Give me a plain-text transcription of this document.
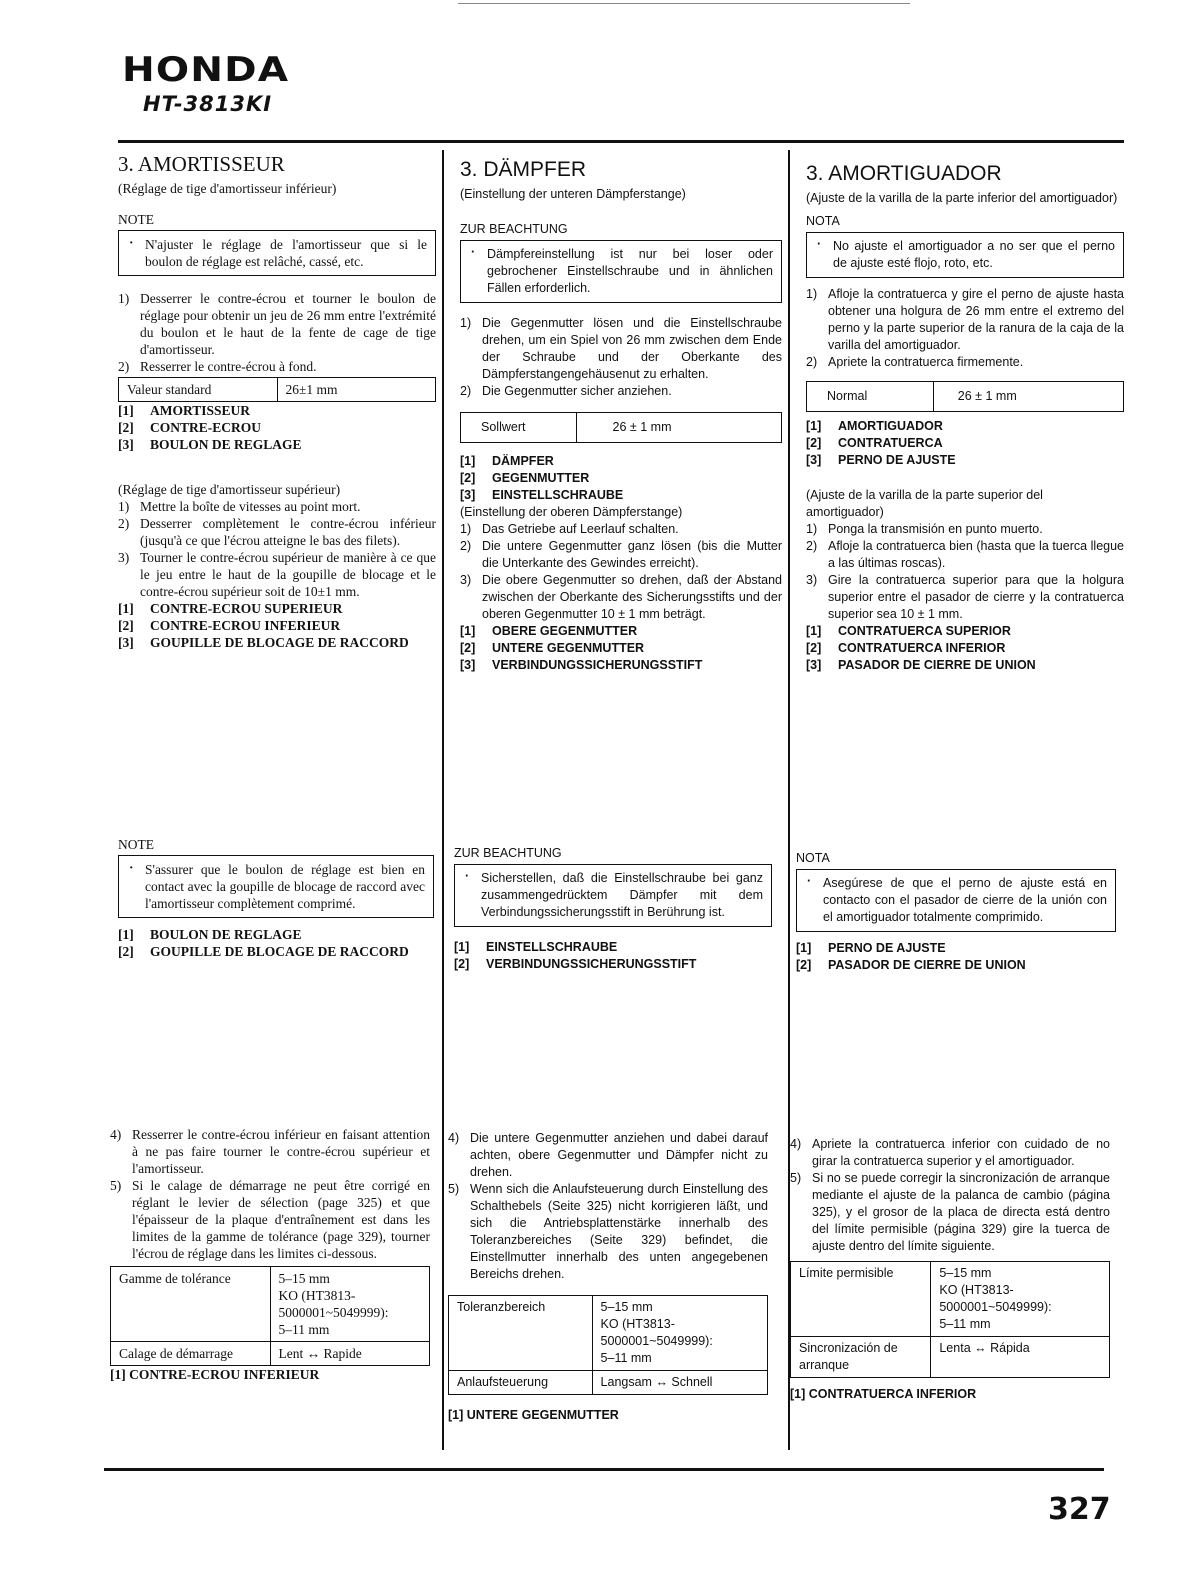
HONDA
HT-3813KI
327
3. AMORTISSEUR

(Réglage de tige d'amortisseur inférieur)

NOTE

· N'ajuster le réglage de l'amortisseur que si le boulon de réglage est relâché, cassé, etc.
1) Desserrer le contre-écrou et tourner le boulon de réglage pour obtenir un jeu de 26 mm entre l'extrémité du boulon et le haut de la fente de cage de tige d'amortisseur.
2) Resserrer le contre-écrou à fond.
Valeur standard	26±1 mm
[1]	AMORTISSEUR
[2]	CONTRE-ECROU
[3]	BOULON DE REGLAGE

(Réglage de tige d'amortisseur supérieur)

1) Mettre la boîte de vitesses au point mort.
2) Desserrer complètement le contre-écrou inférieur (jusqu'à ce que l'écrou atteigne le bas des filets).
3) Tourner le contre-écrou supérieur de manière à ce que le jeu entre le haut de la goupille de blocage et le contre-écrou supérieur soit de 10±1 mm.
[1]	CONTRE-ECROU SUPERIEUR
[2]	CONTRE-ECROU INFERIEUR
[3]	GOUPILLE DE BLOCAGE DE RACCORD

NOTE

· S'assurer que le boulon de réglage est bien en contact avec la goupille de blocage de raccord avec l'amortisseur complètement comprimé.
[1]	BOULON DE REGLAGE
[2]	GOUPILLE DE BLOCAGE DE RACCORD
4) Resserrer le contre-écrou inférieur en faisant attention à ne pas faire tourner le contre-écrou supérieur et l'amortisseur.
5) Si le calage de démarrage ne peut être corrigé en réglant le levier de sélection (page 325) et que l'épaisseur de la plaque d'entraînement est dans les limites de la gamme de tolérance (page 329), tourner l'écrou de réglage dans les limites ci-dessous.
Gamme de tolérance	5–15 mm
KO (HT3813-5000001~5049999):
5–11 mm
Calage de démarrage	Lent ↔ Rapide

[1] CONTRE-ECROU INFERIEUR

3. DÄMPFER

(Einstellung der unteren Dämpferstange)

ZUR BEACHTUNG

· Dämpfereinstellung ist nur bei loser oder gebrochener Einstellschraube und in ähnlichen Fällen erforderlich.
1) Die Gegenmutter lösen und die Einstellschraube drehen, um ein Spiel von 26 mm zwischen dem Ende der Schraube und der Oberkante des Dämpferstangengehäusenut zu erhalten.
2) Die Gegenmutter sicher anziehen.
Sollwert	26 ± 1 mm
[1]	DÄMPFER
[2]	GEGENMUTTER
[3]	EINSTELLSCHRAUBE

(Einstellung der oberen Dämpferstange)

1) Das Getriebe auf Leerlauf schalten.
2) Die untere Gegenmutter ganz lösen (bis die Mutter die Unterkante des Gewindes erreicht).
3) Die obere Gegenmutter so drehen, daß der Abstand zwischen der Oberkante des Sicherungsstifts und der oberen Gegenmutter 10 ± 1 mm beträgt.
[1]	OBERE GEGENMUTTER
[2]	UNTERE GEGENMUTTER
[3]	VERBINDUNGSSICHERUNGSSTIFT

ZUR BEACHTUNG

· Sicherstellen, daß die Einstellschraube bei ganz zusammengedrücktem Dämpfer mit dem Verbindungssicherungsstift in Berührung ist.
[1]	EINSTELLSCHRAUBE
[2]	VERBINDUNGSSICHERUNGSSTIFT
4) Die untere Gegenmutter anziehen und dabei darauf achten, obere Gegenmutter und Dämpfer nicht zu drehen.
5) Wenn sich die Anlaufsteuerung durch Einstellung des Schalthebels (Seite 325) nicht korrigieren läßt, und sich die Antriebsplattenstärke innerhalb des Toleranzbereiches (Seite 329) befindet, die Einstellmutter innerhalb des unten angegebenen Bereichs drehen.
Toleranzbereich	5–15 mm
KO (HT3813-5000001~5049999):
5–11 mm
Anlaufsteuerung	Langsam ↔ Schnell

[1] UNTERE GEGENMUTTER

3. AMORTIGUADOR

(Ajuste de la varilla de la parte inferior del amortiguador)

NOTA

· No ajuste el amortiguador a no ser que el perno de ajuste esté flojo, roto, etc.
1) Afloje la contratuerca y gire el perno de ajuste hasta obtener una holgura de 26 mm entre el extremo del perno y la parte superior de la ranura de la caja de la varilla del amortiguador.
2) Apriete la contratuerca firmemente.
Normal	26 ± 1 mm
[1]	AMORTIGUADOR
[2]	CONTRATUERCA
[3]	PERNO DE AJUSTE

(Ajuste de la varilla de la parte superior del amortiguador)

1) Ponga la transmisión en punto muerto.
2) Afloje la contratuerca bien (hasta que la tuerca llegue a las últimas roscas).
3) Gire la contratuerca superior para que la holgura superior entre el pasador de cierre y la contratuerca superior sea 10 ± 1 mm.
[1]	CONTRATUERCA SUPERIOR
[2]	CONTRATUERCA INFERIOR
[3]	PASADOR DE CIERRE DE UNION

NOTA

· Asegúrese de que el perno de ajuste está en contacto con el pasador de cierre de la unión con el amortiguador totalmente comprimido.
[1]	PERNO DE AJUSTE
[2]	PASADOR DE CIERRE DE UNION
4) Apriete la contratuerca inferior con cuidado de no girar la contratuerca superior y el amortiguador.
5) Si no se puede corregir la sincronización de arranque mediante el ajuste de la palanca de cambio (página 325), y el grosor de la placa de directa está dentro del límite permisible (página 329) gire la tuerca de ajuste dentro del límite siguiente.
Límite permisible	5–15 mm
KO (HT3813-5000001~5049999):
5–11 mm
Sincronización de arranque	Lenta ↔ Rápida

[1] CONTRATUERCA INFERIOR
